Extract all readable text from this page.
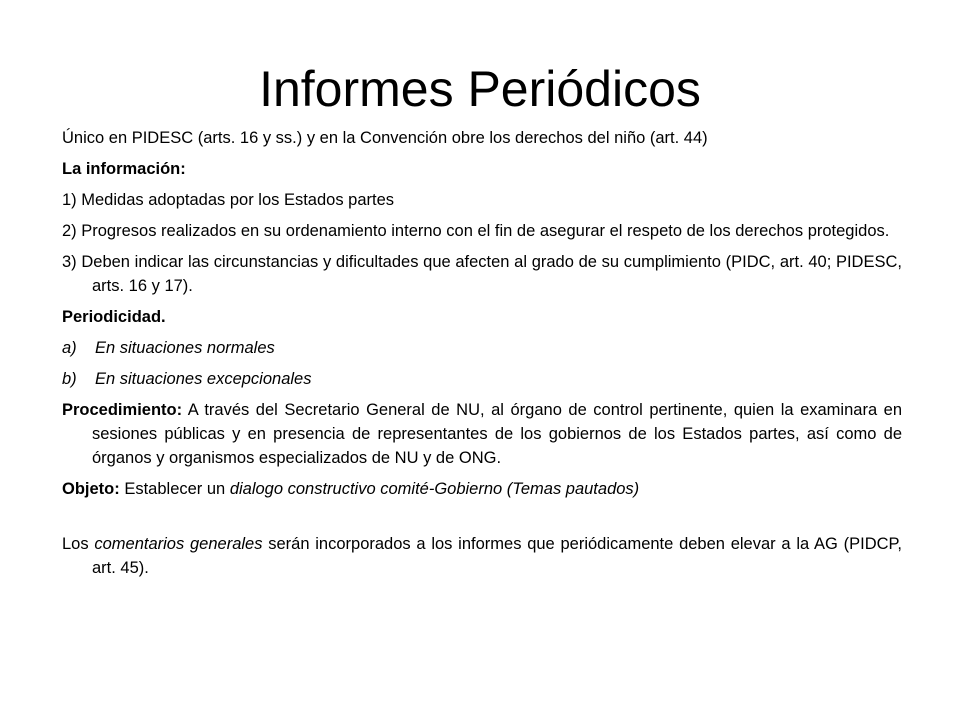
Informes Periódicos

Único en PIDESC (arts. 16 y ss.) y en la Convención obre los derechos del niño (art. 44)

La información:

1) Medidas adoptadas por los Estados partes

2) Progresos realizados en su ordenamiento interno con el fin de asegurar el respeto de los derechos protegidos.

3) Deben indicar las circunstancias y dificultades que afecten al grado de su cumplimiento (PIDC, art. 40; PIDESC, arts. 16 y 17).

Periodicidad.

a) En situaciones normales
b) En situaciones excepcionales

Procedimiento: A través del Secretario General de NU, al órgano de control pertinente, quien la examinara en sesiones públicas y en presencia de representantes de los gobiernos de los Estados partes, así como de órganos y organismos especializados de NU y de ONG.

Objeto: Establecer un dialogo constructivo comité-Gobierno (Temas pautados)

Los comentarios generales serán incorporados a los informes que periódicamente deben elevar a la AG (PIDCP, art. 45).
